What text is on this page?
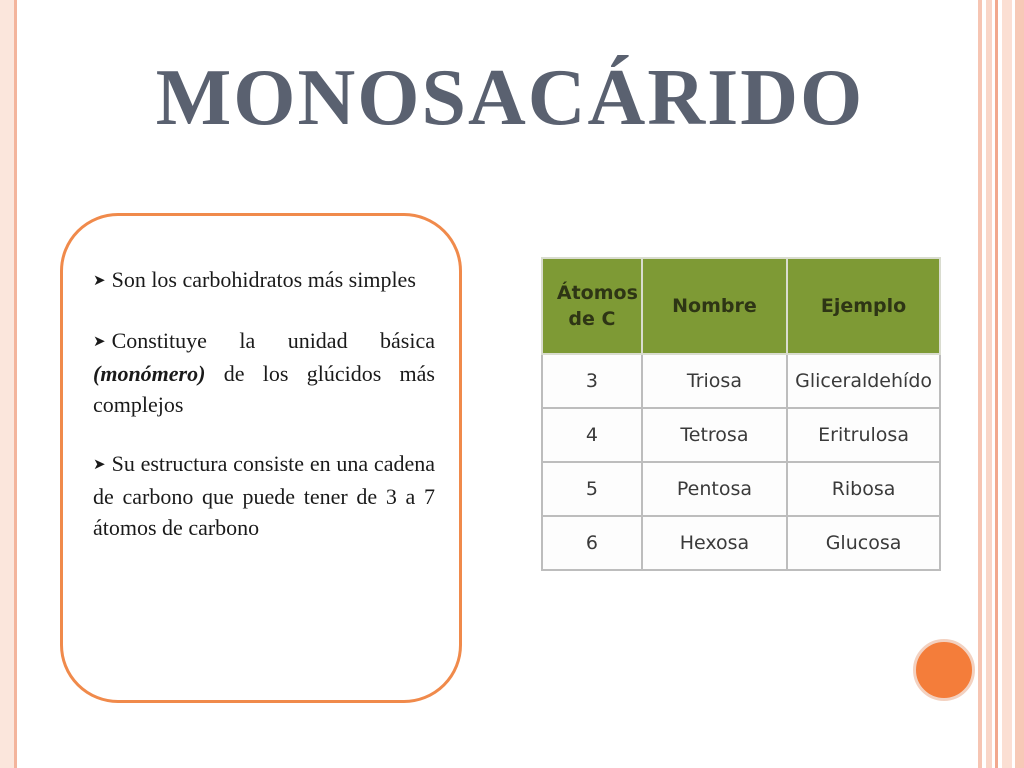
MONOSACÁRIDO
➤ Son los carbohidratos más simples
➤ Constituye la unidad básica (monómero) de los glúcidos más complejos
➤ Su estructura consiste en una cadena de carbono que puede tener de 3 a 7 átomos de carbono
Átomos de C	Nombre	Ejemplo
3	Triosa	Gliceraldehído
4	Tetrosa	Eritrulosa
5	Pentosa	Ribosa
6	Hexosa	Glucosa
